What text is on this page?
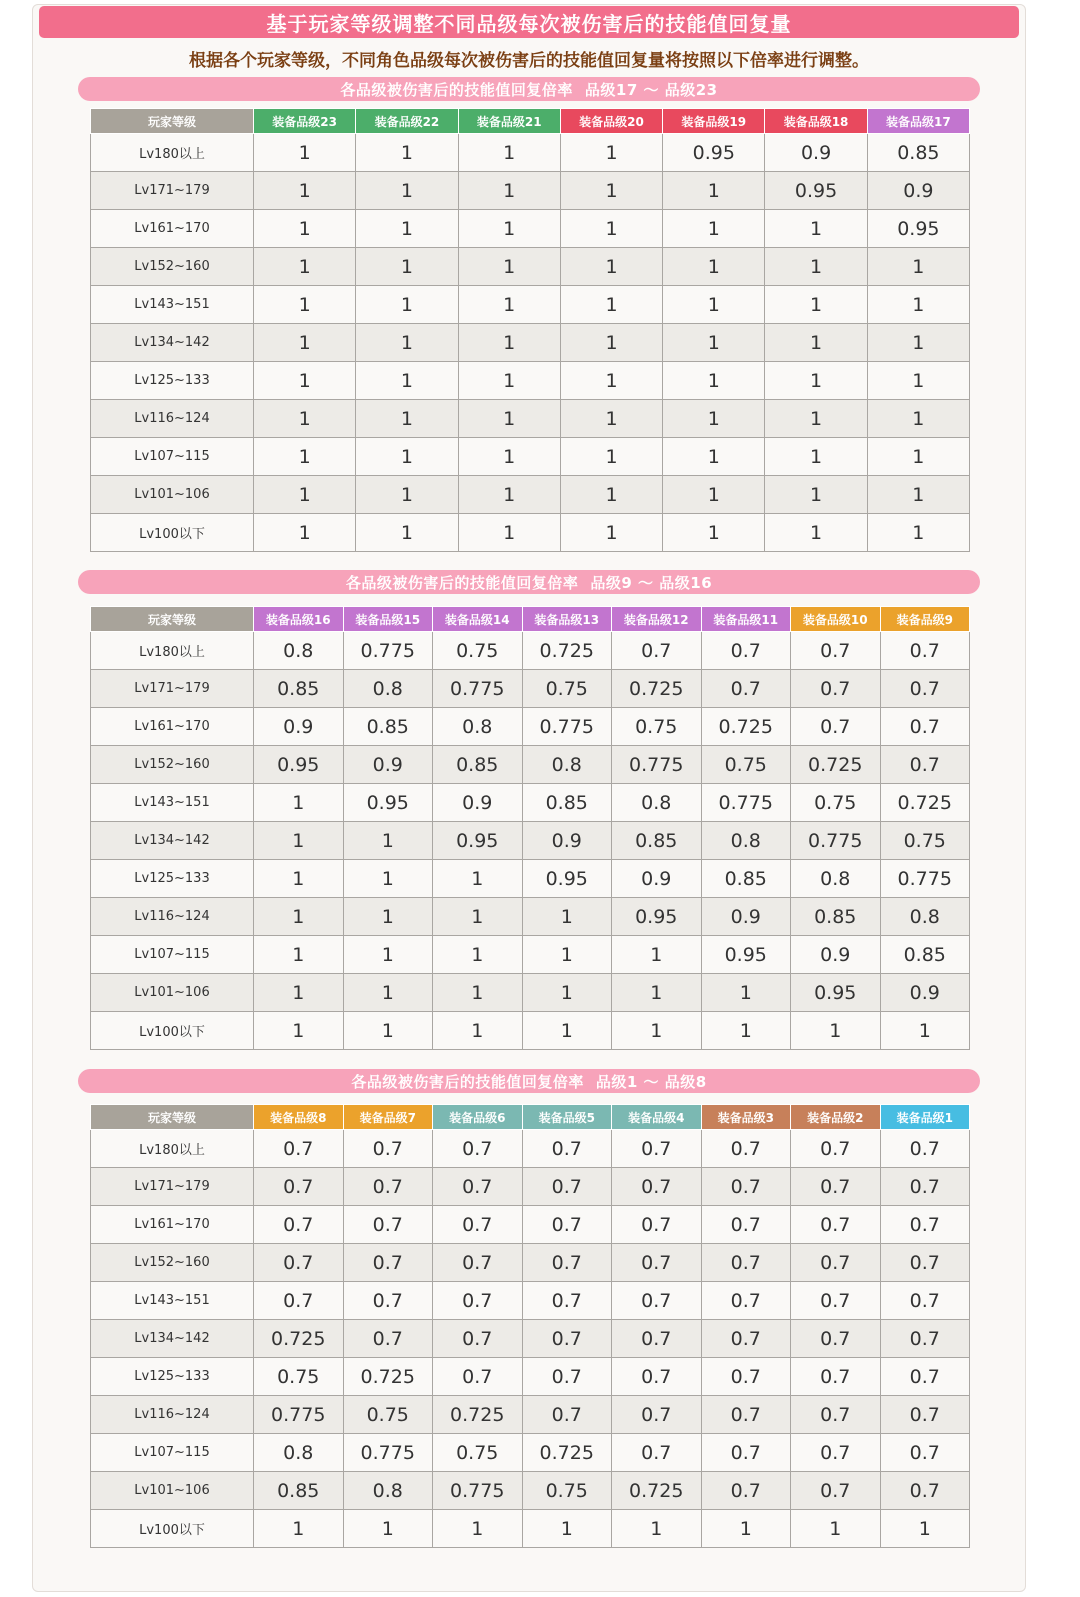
基于玩家等级调整不同品级每次被伤害后的技能值回复量
根据各个玩家等级，不同角色品级每次被伤害后的技能值回复量将按照以下倍率进行调整。
各品级被伤害后的技能值回复倍率 品级17 ～ 品级23
玩家等级	装备品级23	装备品级22	装备品级21	装备品级20	装备品级19	装备品级18	装备品级17
Lv180以上	1	1	1	1	0.95	0.9	0.85
Lv171~179	1	1	1	1	1	0.95	0.9
Lv161~170	1	1	1	1	1	1	0.95
Lv152~160	1	1	1	1	1	1	1
Lv143~151	1	1	1	1	1	1	1
Lv134~142	1	1	1	1	1	1	1
Lv125~133	1	1	1	1	1	1	1
Lv116~124	1	1	1	1	1	1	1
Lv107~115	1	1	1	1	1	1	1
Lv101~106	1	1	1	1	1	1	1
Lv100以下	1	1	1	1	1	1	1
各品级被伤害后的技能值回复倍率 品级9 ～ 品级16
玩家等级	装备品级16	装备品级15	装备品级14	装备品级13	装备品级12	装备品级11	装备品级10	装备品级9
Lv180以上	0.8	0.775	0.75	0.725	0.7	0.7	0.7	0.7
Lv171~179	0.85	0.8	0.775	0.75	0.725	0.7	0.7	0.7
Lv161~170	0.9	0.85	0.8	0.775	0.75	0.725	0.7	0.7
Lv152~160	0.95	0.9	0.85	0.8	0.775	0.75	0.725	0.7
Lv143~151	1	0.95	0.9	0.85	0.8	0.775	0.75	0.725
Lv134~142	1	1	0.95	0.9	0.85	0.8	0.775	0.75
Lv125~133	1	1	1	0.95	0.9	0.85	0.8	0.775
Lv116~124	1	1	1	1	0.95	0.9	0.85	0.8
Lv107~115	1	1	1	1	1	0.95	0.9	0.85
Lv101~106	1	1	1	1	1	1	0.95	0.9
Lv100以下	1	1	1	1	1	1	1	1
各品级被伤害后的技能值回复倍率 品级1 ～ 品级8
玩家等级	装备品级8	装备品级7	装备品级6	装备品级5	装备品级4	装备品级3	装备品级2	装备品级1
Lv180以上	0.7	0.7	0.7	0.7	0.7	0.7	0.7	0.7
Lv171~179	0.7	0.7	0.7	0.7	0.7	0.7	0.7	0.7
Lv161~170	0.7	0.7	0.7	0.7	0.7	0.7	0.7	0.7
Lv152~160	0.7	0.7	0.7	0.7	0.7	0.7	0.7	0.7
Lv143~151	0.7	0.7	0.7	0.7	0.7	0.7	0.7	0.7
Lv134~142	0.725	0.7	0.7	0.7	0.7	0.7	0.7	0.7
Lv125~133	0.75	0.725	0.7	0.7	0.7	0.7	0.7	0.7
Lv116~124	0.775	0.75	0.725	0.7	0.7	0.7	0.7	0.7
Lv107~115	0.8	0.775	0.75	0.725	0.7	0.7	0.7	0.7
Lv101~106	0.85	0.8	0.775	0.75	0.725	0.7	0.7	0.7
Lv100以下	1	1	1	1	1	1	1	1
